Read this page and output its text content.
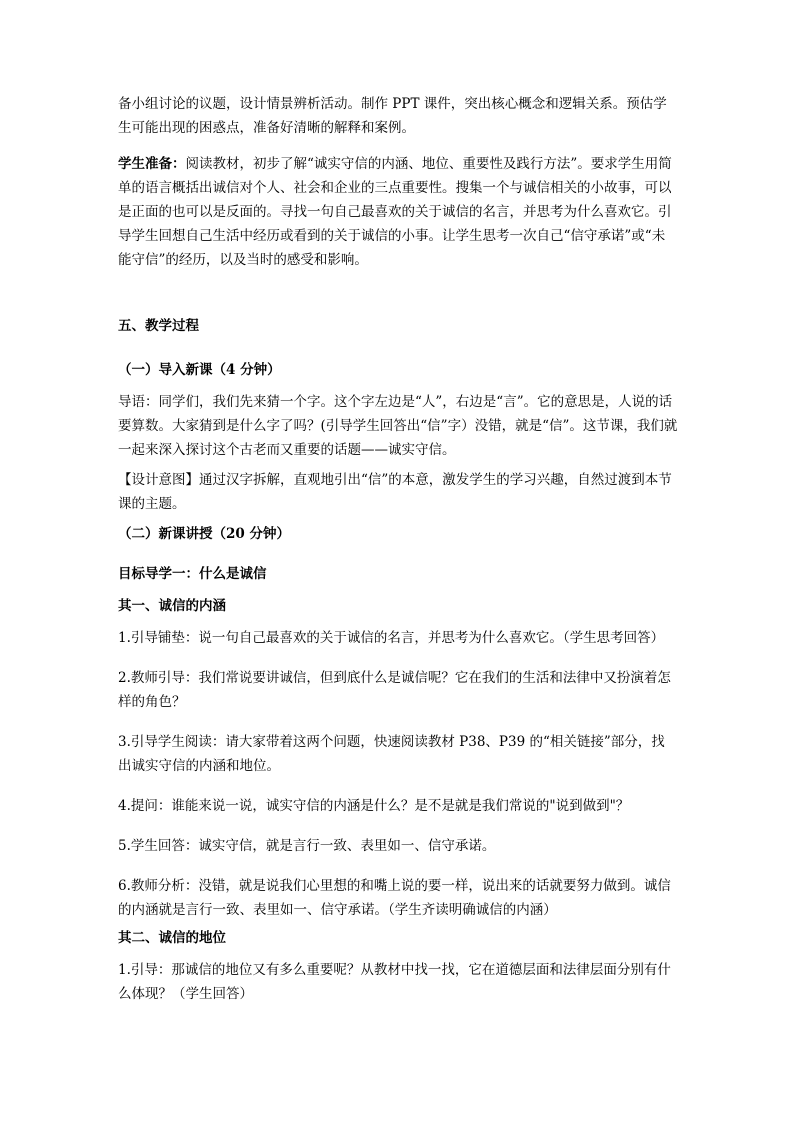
备小组讨论的议题，设计情景辨析活动。制作 PPT 课件，突出核心概念和逻辑关系。预估学生可能出现的困惑点，准备好清晰的解释和案例。

学生准备：阅读教材，初步了解“诚实守信的内涵、地位、重要性及践行方法”。要求学生用简单的语言概括出诚信对个人、社会和企业的三点重要性。搜集一个与诚信相关的小故事，可以是正面的也可以是反面的。寻找一句自己最喜欢的关于诚信的名言，并思考为什么喜欢它。引导学生回想自己生活中经历或看到的关于诚信的小事。让学生思考一次自己“信守承诺”或“未能守信”的经历，以及当时的感受和影响。

五、教学过程

（一）导入新课（4 分钟）

导语：同学们，我们先来猜一个字。这个字左边是“人”，右边是“言”。它的意思是，人说的话要算数。大家猜到是什么字了吗？(引导学生回答出“信”字）没错，就是“信”。这节课，我们就一起来深入探讨这个古老而又重要的话题——诚实守信。

【设计意图】通过汉字拆解，直观地引出“信”的本意，激发学生的学习兴趣，自然过渡到本节课的主题。

（二）新课讲授（20 分钟）

目标导学一：什么是诚信

其一、诚信的内涵

1.引导铺垫：说一句自己最喜欢的关于诚信的名言，并思考为什么喜欢它。（学生思考回答）

2.教师引导：我们常说要讲诚信，但到底什么是诚信呢？它在我们的生活和法律中又扮演着怎样的角色？

3.引导学生阅读：请大家带着这两个问题，快速阅读教材 P38、P39 的“相关链接”部分，找出诚实守信的内涵和地位。

4.提问：谁能来说一说，诚实守信的内涵是什么？是不是就是我们常说的"说到做到"？

5.学生回答：诚实守信，就是言行一致、表里如一、信守承诺。

6.教师分析：没错，就是说我们心里想的和嘴上说的要一样，说出来的话就要努力做到。诚信的内涵就是言行一致、表里如一、信守承诺。（学生齐读明确诚信的内涵）

其二、诚信的地位

1.引导：那诚信的地位又有多么重要呢？从教材中找一找，它在道德层面和法律层面分别有什么体现？（学生回答）
